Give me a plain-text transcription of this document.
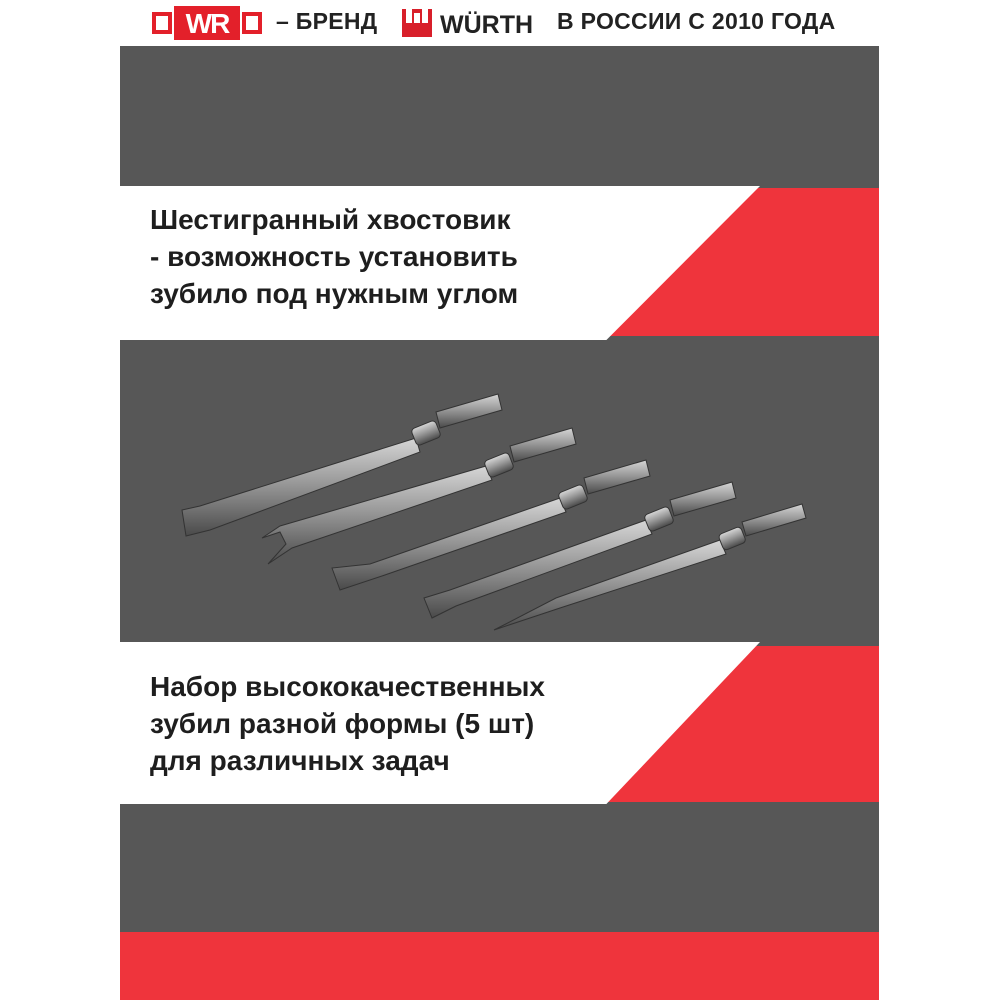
WR – БРЕНД	WÜRTH В РОССИИ С 2010 ГОДА
Шестигранный хвостовик
- возможность установить
зубило под нужным углом
Набор высококачественных
зубил разной формы (5 шт)
для различных задач
